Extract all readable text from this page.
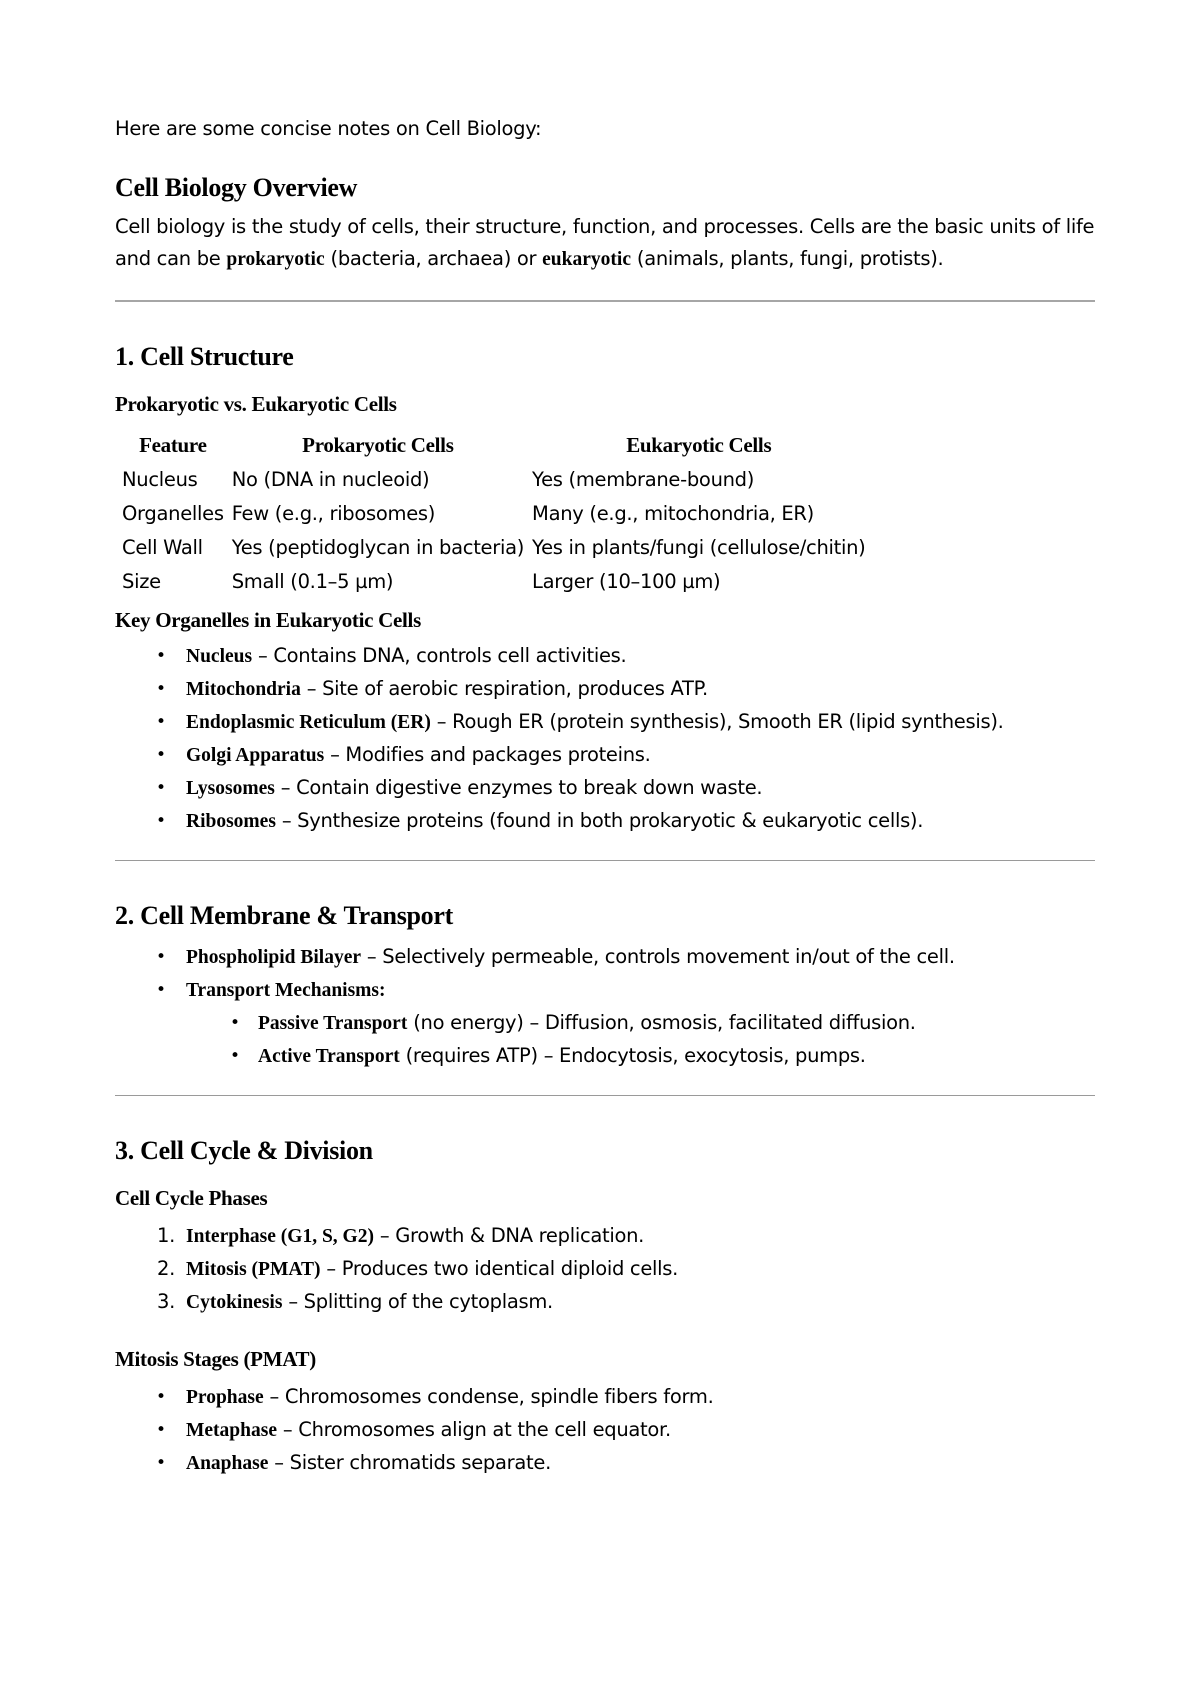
Here are some concise notes on Cell Biology:

Cell Biology Overview

Cell biology is the study of cells, their structure, function, and processes. Cells are the basic units of life and can be prokaryotic (bacteria, archaea) or eukaryotic (animals, plants, fungi, protists).

1. Cell Structure
Prokaryotic vs. Eukaryotic Cells
Feature	Prokaryotic Cells	Eukaryotic Cells
Nucleus	No (DNA in nucleoid)	Yes (membrane-bound)
Organelles	Few (e.g., ribosomes)	Many (e.g., mitochondria, ER)
Cell Wall	Yes (peptidoglycan in bacteria)	Yes in plants/fungi (cellulose/chitin)
Size	Small (0.1–5 µm)	Larger (10–100 µm)
Key Organelles in Eukaryotic Cells
• Nucleus – Contains DNA, controls cell activities.
• Mitochondria – Site of aerobic respiration, produces ATP.
• Endoplasmic Reticulum (ER) – Rough ER (protein synthesis), Smooth ER (lipid synthesis).
• Golgi Apparatus – Modifies and packages proteins.
• Lysosomes – Contain digestive enzymes to break down waste.
• Ribosomes – Synthesize proteins (found in both prokaryotic & eukaryotic cells).
2. Cell Membrane & Transport
• Phospholipid Bilayer – Selectively permeable, controls movement in/out of the cell.
• Transport Mechanisms:
• Passive Transport (no energy) – Diffusion, osmosis, facilitated diffusion.
• Active Transport (requires ATP) – Endocytosis, exocytosis, pumps.
3. Cell Cycle & Division
Cell Cycle Phases
1. Interphase (G1, S, G2) – Growth & DNA replication.
2. Mitosis (PMAT) – Produces two identical diploid cells.
3. Cytokinesis – Splitting of the cytoplasm.
Mitosis Stages (PMAT)
• Prophase – Chromosomes condense, spindle fibers form.
• Metaphase – Chromosomes align at the cell equator.
• Anaphase – Sister chromatids separate.
